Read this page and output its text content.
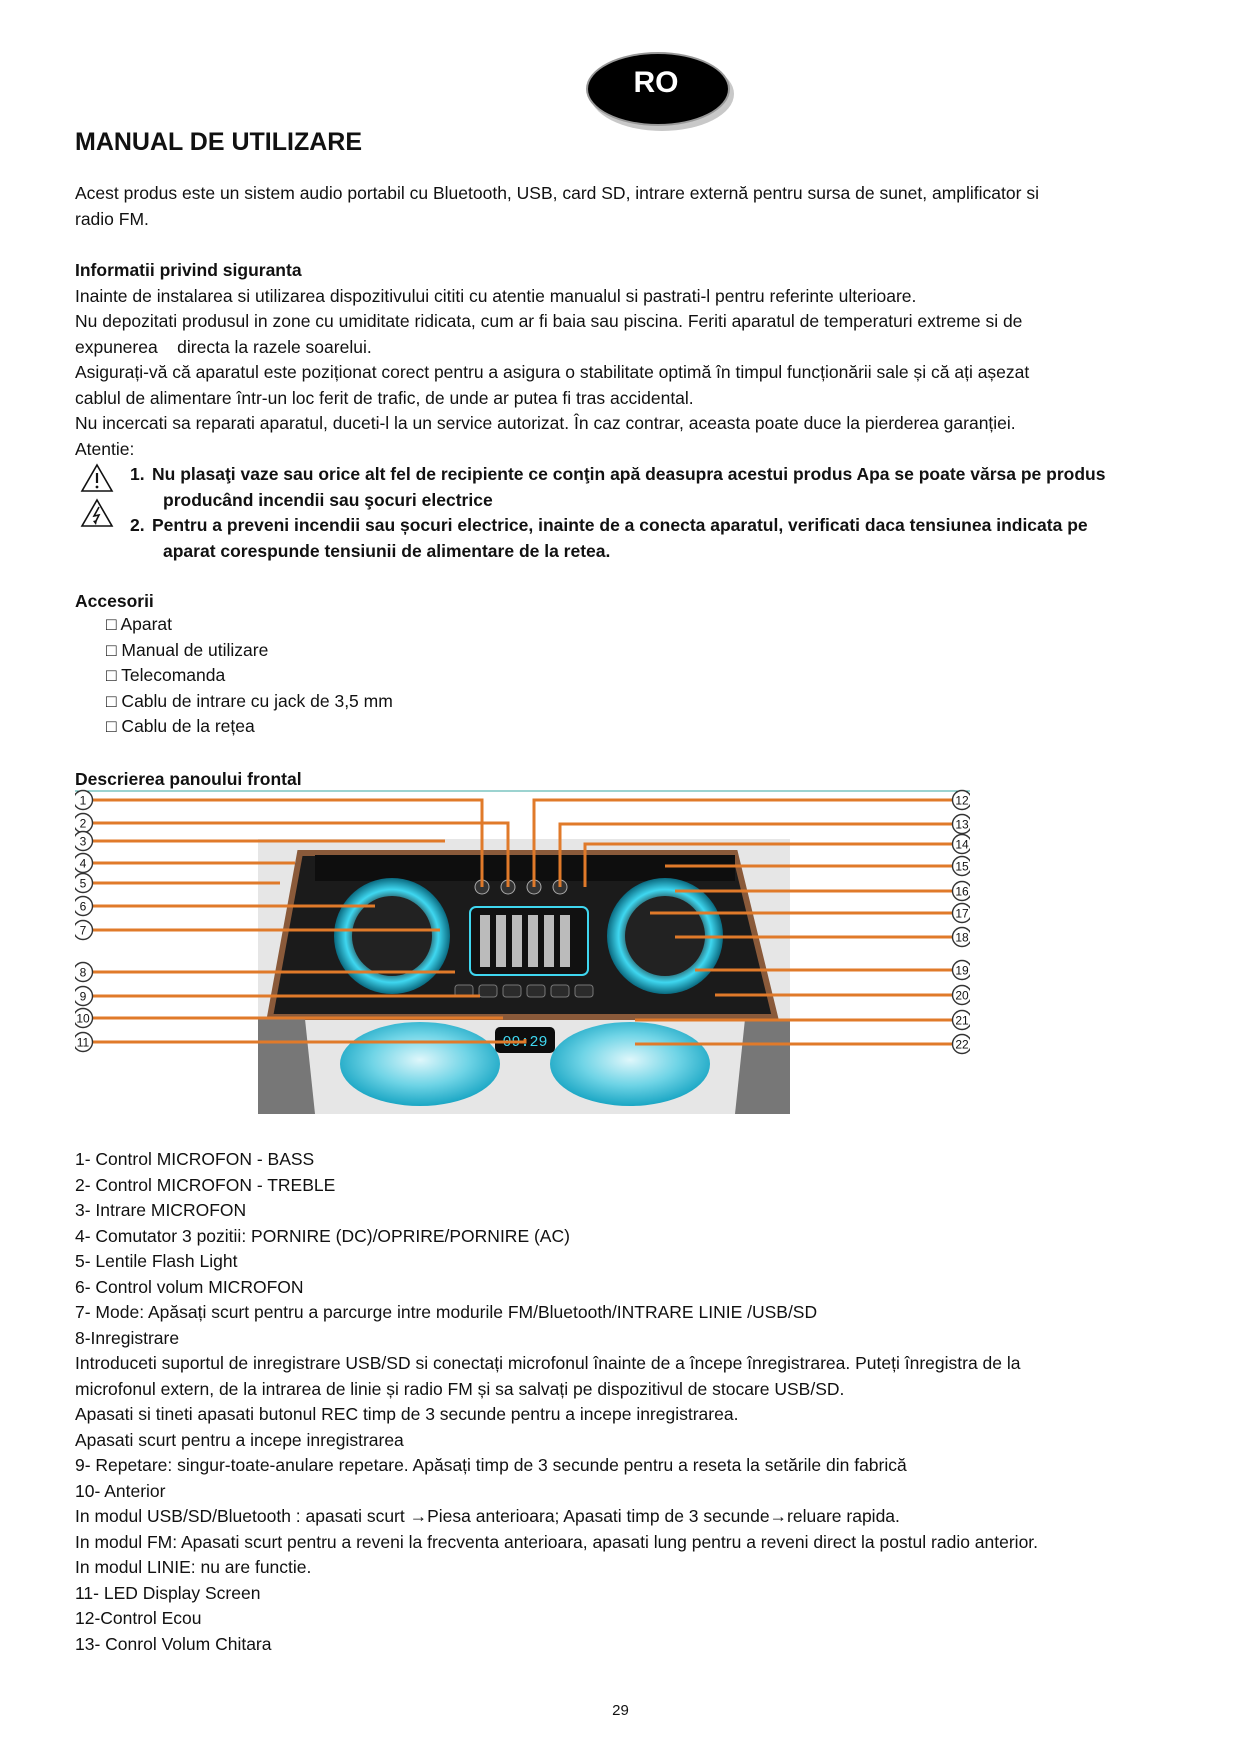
RO
MANUAL DE UTILIZARE
Acest produs este un sistem audio portabil cu Bluetooth, USB, card SD, intrare externă pentru sursa de sunet, amplificator si
radio FM.
Informatii privind siguranta
Inainte de instalarea si utilizarea dispozitivului cititi cu atentie manualul si pastrati-l pentru referinte ulterioare.
Nu depozitati produsul in zone cu umiditate ridicata, cum ar fi baia sau piscina. Feriti aparatul de temperaturi extreme si de
expunerea    directa la razele soarelui.
Asigurați-vă că aparatul este poziționat corect pentru a asigura o stabilitate optimă în timpul funcționării sale și că ați așezat
cablul de alimentare într-un loc ferit de trafic, de unde ar putea fi tras accidental.
Nu incercati sa reparati aparatul, duceti-l la un service autorizat. În caz contrar, aceasta poate duce la pierderea garanției.
Atentie:
1. Nu plasaţi vaze sau orice alt fel de recipiente ce conţin apă deasupra acestui produs Apa se poate vărsa pe produs
producând incendii sau şocuri electrice
2. Pentru a preveni incendii sau șocuri electrice, inainte de a conecta aparatul, verificati daca tensiunea indicata pe
aparat corespunde tensiunii de alimentare de la retea.
Accesorii
□ Aparat
□ Manual de utilizare
□ Telecomanda
□ Cablu de intrare cu jack de 3,5 mm
□ Cablu de la rețea
Descrierea panoului frontal
09:29
1
2
3
4
5
6
7
8
9
10
11
12
13
14
15
16
17
18
19
20
21
22
1- Control MICROFON - BASS
2- Control MICROFON - TREBLE
3- Intrare MICROFON
4- Comutator 3 pozitii: PORNIRE (DC)/OPRIRE/PORNIRE (AC)
5- Lentile Flash Light
6- Control volum MICROFON
7- Mode: Apăsați scurt pentru a parcurge intre modurile FM/Bluetooth/INTRARE LINIE /USB/SD
8-Inregistrare
Introduceti suportul de inregistrare USB/SD si conectați microfonul înainte de a începe înregistrarea. Puteți înregistra de la
microfonul extern, de la intrarea de linie și radio FM și sa salvați pe dispozitivul de stocare USB/SD.
Apasati si tineti apasati butonul REC timp de 3 secunde pentru a incepe inregistrarea.
Apasati scurt pentru a incepe inregistrarea
9- Repetare: singur-toate-anulare repetare. Apăsați timp de 3 secunde pentru a reseta la setările din fabrică
10- Anterior
In modul USB/SD/Bluetooth : apasati scurt →Piesa anterioara; Apasati timp de 3 secunde→reluare rapida.
In modul FM: Apasati scurt pentru a reveni la frecventa anterioara, apasati lung pentru a reveni direct la postul radio anterior.
In modul LINIE: nu are functie.
11- LED Display Screen
12-Control Ecou
13- Conrol Volum Chitara
29
